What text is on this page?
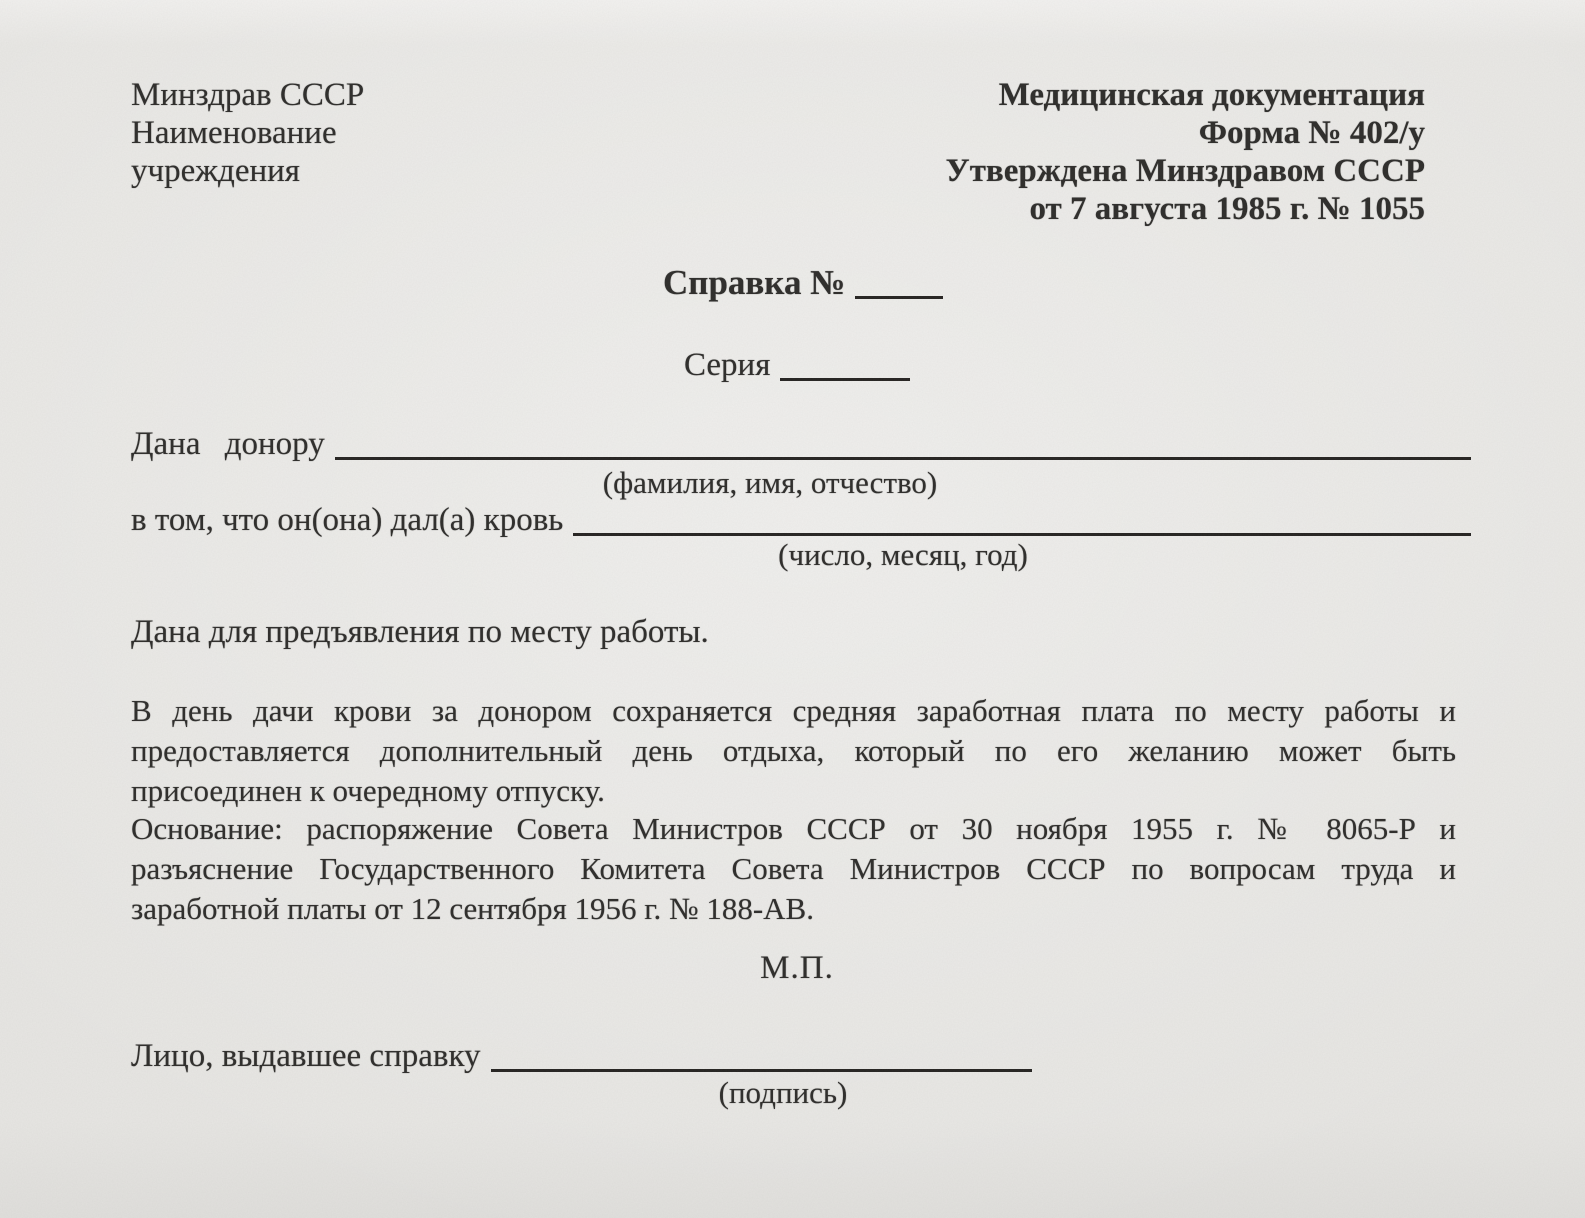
Минздрав СССР
Наименование
учреждения
Медицинская документация
Форма № 402/у
Утверждена Минздравом СССР
от 7 августа 1985 г. № 1055
Справка №
Серия
Дана донору
(фамилия, имя, отчество)
в том, что он(она) дал(а) кровь
(число, месяц, год)
Дана для предъявления по месту работы.
В день дачи крови за донором сохраняется средняя заработная плата по месту работы и
предоставляется дополнительный день отдыха, который по его желанию может быть
присоединен к очередному отпуску.
Основание: распоряжение Совета Министров СССР от 30 ноября 1955 г. № 8065-Р и
разъяснение Государственного Комитета Совета Министров СССР по вопросам труда и
заработной платы от 12 сентября 1956 г. № 188-АВ.
М.П.
Лицо, выдавшее справку
(подпись)
